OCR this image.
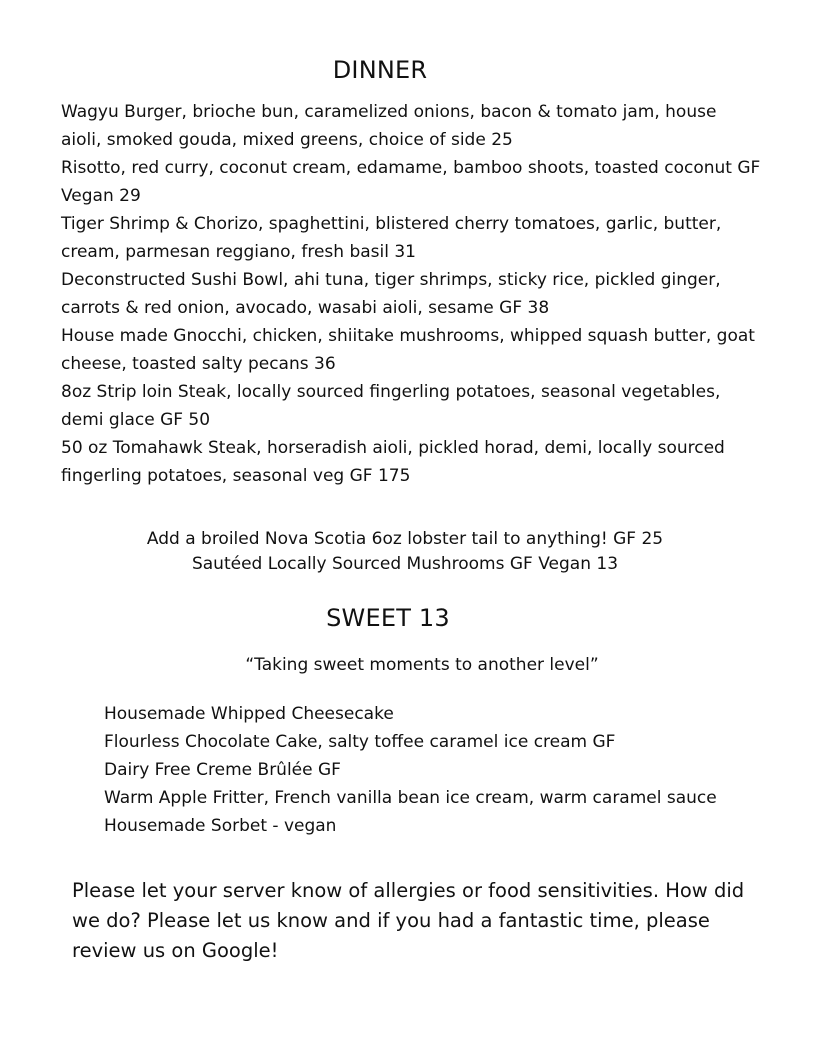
DINNER

Wagyu Burger, brioche bun, caramelized onions, bacon & tomato jam, house aioli, smoked gouda, mixed greens, choice of side 25

Risotto, red curry, coconut cream, edamame, bamboo shoots, toasted coconut GF Vegan 29

Tiger Shrimp & Chorizo, spaghettini, blistered cherry tomatoes, garlic, butter, cream, parmesan reggiano, fresh basil 31

Deconstructed Sushi Bowl, ahi tuna, tiger shrimps, sticky rice, pickled ginger, carrots & red onion, avocado, wasabi aioli, sesame GF 38

House made Gnocchi, chicken, shiitake mushrooms, whipped squash butter, goat cheese, toasted salty pecans 36

8oz Strip loin Steak, locally sourced fingerling potatoes, seasonal vegetables, demi glace GF 50

50 oz Tomahawk Steak, horseradish aioli, pickled horad, demi, locally sourced fingerling potatoes, seasonal veg GF 175

Add a broiled Nova Scotia 6oz lobster tail to anything! GF 25
Sautéed Locally Sourced Mushrooms GF Vegan 13
SWEET 13
“Taking sweet moments to another level”

Housemade Whipped Cheesecake

Flourless Chocolate Cake, salty toffee caramel ice cream GF

Dairy Free Creme Brûlée GF

Warm Apple Fritter, French vanilla bean ice cream, warm caramel sauce

Housemade Sorbet - vegan

Please let your server know of allergies or food sensitivities. How did we do? Please let us know and if you had a fantastic time, please review us on Google!
